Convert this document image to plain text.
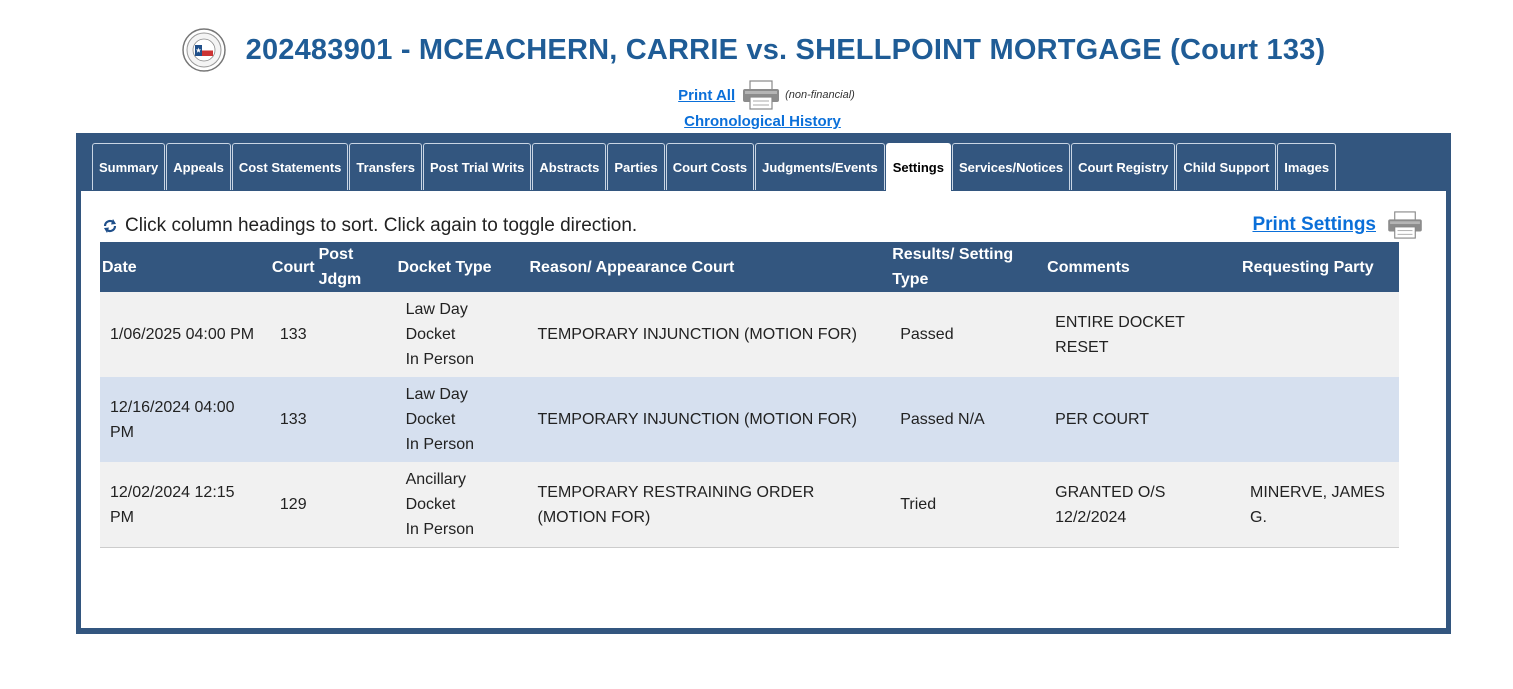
202483901 - MCEACHERN, CARRIE vs. SHELLPOINT MORTGAGE (Court 133)
Print All	(non-financial)
Chronological History
Summary	Appeals	Cost Statements	Transfers	Post Trial Writs	Abstracts	Parties	Court Costs	Judgments/Events	Settings	Services/Notices	Court Registry	Child Support	Images
Click column headings to sort. Click again to toggle direction.	Print Settings
Date	Court	Post Jdgm	Docket Type	Reason/ Appearance Court	Results/ Setting Type	Comments	Requesting Party
1/06/2025 04:00 PM	133		Law Day
Docket
In Person	TEMPORARY INJUNCTION (MOTION FOR)	Passed	ENTIRE DOCKET RESET	
12/16/2024 04:00 PM	133		Law Day
Docket
In Person	TEMPORARY INJUNCTION (MOTION FOR)	Passed N/A	PER COURT	
12/02/2024 12:15 PM	129		Ancillary
Docket
In Person	TEMPORARY RESTRAINING ORDER (MOTION FOR)	Tried	GRANTED O/S 12/2/2024	MINERVE, JAMES G.
